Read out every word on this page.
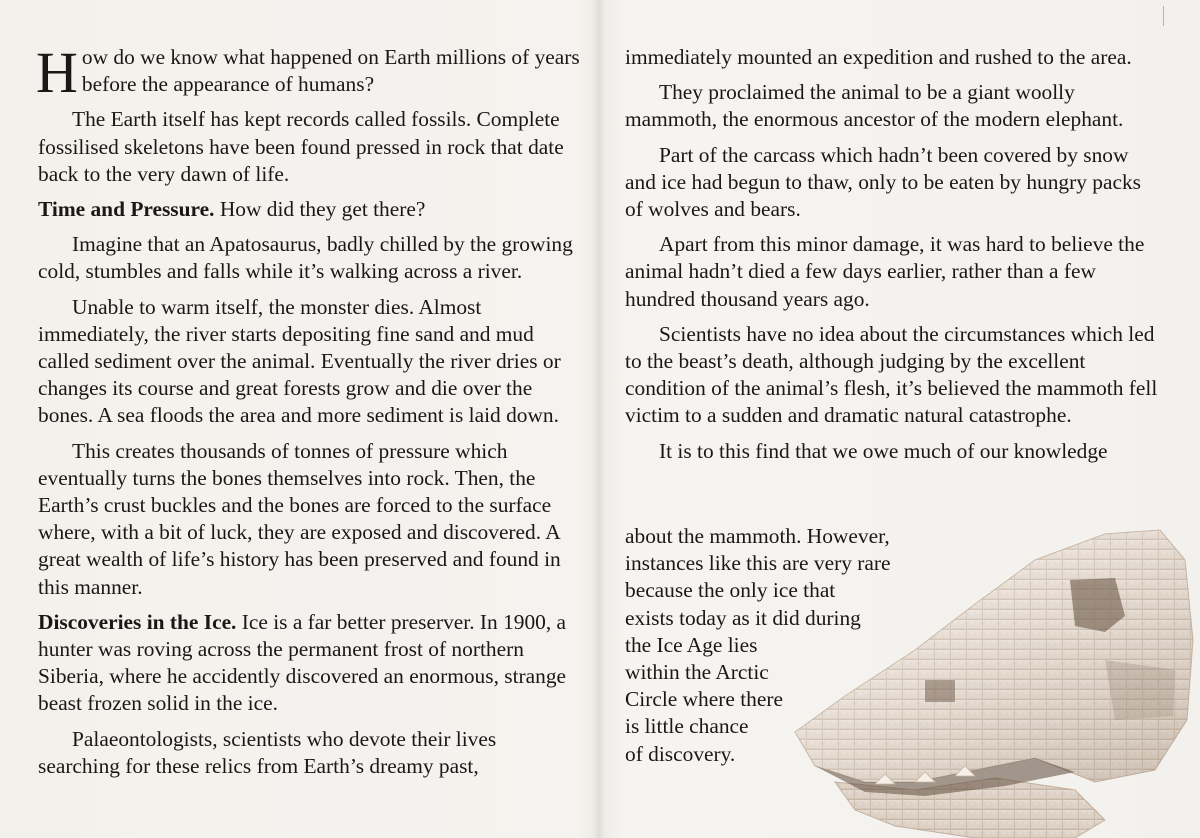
How do we know what happened on Earth millions of years before the appearance of humans?

The Earth itself has kept records called fossils. Complete fossilised skeletons have been found pressed in rock that date back to the very dawn of life.

Time and Pressure. How did they get there?

Imagine that an Apatosaurus, badly chilled by the growing cold, stumbles and falls while it’s walking across a river.

Unable to warm itself, the monster dies. Almost immediately, the river starts depositing fine sand and mud called sediment over the animal. Eventually the river dries or changes its course and great forests grow and die over the bones. A sea floods the area and more sediment is laid down.

This creates thousands of tonnes of pressure which eventually turns the bones themselves into rock. Then, the Earth’s crust buckles and the bones are forced to the surface where, with a bit of luck, they are exposed and discovered. A great wealth of life’s history has been preserved and found in this manner.

Discoveries in the Ice. Ice is a far better preserver. In 1900, a hunter was roving across the permanent frost of northern Siberia, where he accidently discovered an enormous, strange beast frozen solid in the ice.

Palaeontologists, scientists who devote their lives searching for these relics from Earth’s dreamy past,

immediately mounted an expedition and rushed to the area.

They proclaimed the animal to be a giant woolly mammoth, the enormous ancestor of the modern elephant.

Part of the carcass which hadn’t been covered by snow and ice had begun to thaw, only to be eaten by hungry packs of wolves and bears.

Apart from this minor damage, it was hard to believe the animal hadn’t died a few days earlier, rather than a few hundred thousand years ago.

Scientists have no idea about the circumstances which led to the beast’s death, although judging by the excellent condition of the animal’s flesh, it’s believed the mammoth fell victim to a sudden and dramatic natural catastrophe.

It is to this find that we owe much of our knowledge

about the mammoth. However,
instances like this are very rare
because the only ice that
exists today as it did during
the Ice Age lies
within the Arctic
Circle where there
is little chance
of discovery.
